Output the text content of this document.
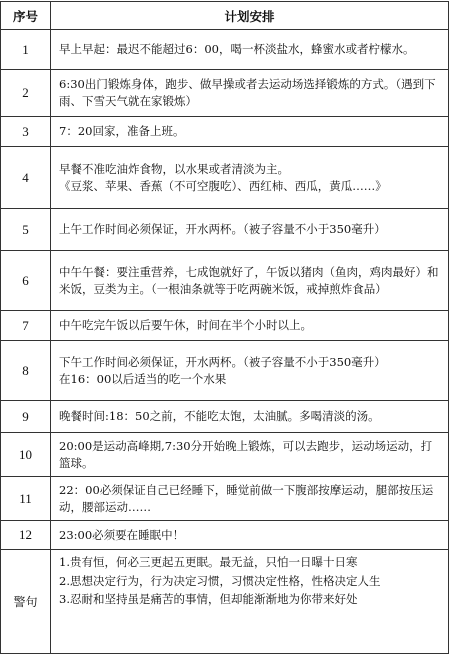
序号	计划安排
1	早上早起：最迟不能超过6：00，喝一杯淡盐水，蜂蜜水或者柠檬水。
2	6:30出门锻炼身体，跑步、做早操或者去运动场选择锻炼的方式。（遇到下雨、下雪天气就在家锻炼）
3	7：20回家，准备上班。
4	早餐不准吃油炸食物，以水果或者清淡为主。
《豆浆、苹果、香蕉（不可空腹吃）、西红柿、西瓜，黄瓜……》

5	上午工作时间必须保证，开水两杯。（被子容量不小于350毫升）
6	中午午餐：要注重营养，七成饱就好了，午饭以猪肉（鱼肉，鸡肉最好）和米饭，豆类为主。（一根油条就等于吃两碗米饭，戒掉煎炸食品）
7	中午吃完午饭以后要午休，时间在半个小时以上。
8	下午工作时间必须保证，开水两杯。（被子容量不小于350毫升）
在16：00以后适当的吃一个水果

9	晚餐时间:18：50之前，不能吃太饱，太油腻。多喝清淡的汤。
10	20:00是运动高峰期,7:30分开始晚上锻炼，可以去跑步，运动场运动，打篮球。
11	22：00必须保证自己已经睡下，睡觉前做一下腹部按摩运动，腿部按压运动，腰部运动……
12	23:00必须要在睡眠中！
警句	1.贵有恒，何必三更起五更眠。最无益，只怕一日曝十日寒
2.思想决定行为，行为决定习惯，习惯决定性格，性格决定人生
3.忍耐和坚持虽是痛苦的事情，但却能渐渐地为你带来好处
